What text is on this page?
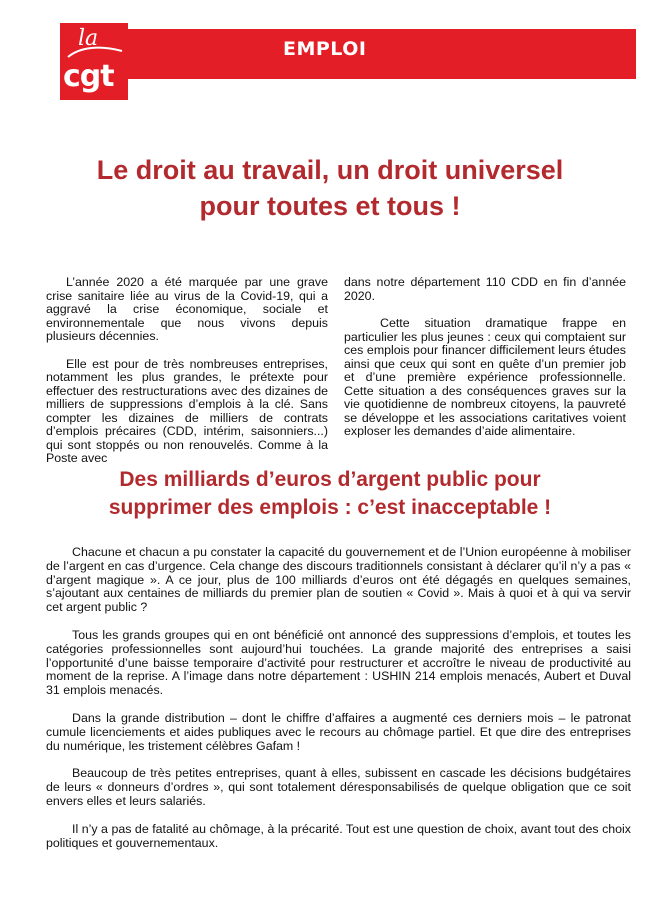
EMPLOI
la
cgt
Le droit au travail, un droit universel
pour toutes et tous !

L’année 2020 a été marquée par une grave crise sanitaire liée au virus de la Covid-19, qui a aggravé la crise économique, sociale et environnementale que nous vivons depuis plusieurs décennies.

Elle est pour de très nombreuses entreprises, notamment les plus grandes, le prétexte pour effectuer des restructurations avec des dizaines de milliers de suppressions d’emplois à la clé. Sans compter les dizaines de milliers de contrats d’emplois précaires (CDD, intérim, saisonniers...) qui sont stoppés ou non renouvelés. Comme à la Poste avec

dans notre département 110 CDD en fin d’année 2020.

Cette situation dramatique frappe en particulier les plus jeunes : ceux qui comptaient sur ces emplois pour financer difficilement leurs études ainsi que ceux qui sont en quête d’un premier job et d’une première expérience professionnelle. Cette situation a des conséquences graves sur la vie quotidienne de nombreux citoyens, la pauvreté se développe et les associations caritatives voient exploser les demandes d’aide alimentaire.

Des milliards d’euros d’argent public pour
supprimer des emplois : c’est inacceptable !

Chacune et chacun a pu constater la capacité du gouvernement et de l’Union européenne à mobiliser de l’argent en cas d’urgence. Cela change des discours traditionnels consistant à déclarer qu’il n’y a pas « d’argent magique ». A ce jour, plus de 100 milliards d’euros ont été dégagés en quelques semaines, s’ajoutant aux centaines de milliards du premier plan de soutien « Covid ». Mais à quoi et à qui va servir cet argent public ?

Tous les grands groupes qui en ont bénéficié ont annoncé des suppressions d’emplois, et toutes les catégories professionnelles sont aujourd’hui touchées. La grande majorité des entreprises a saisi l’opportunité d’une baisse temporaire d’activité pour restructurer et accroître le niveau de productivité au moment de la reprise. A l’image dans notre département : USHIN 214 emplois menacés, Aubert et Duval 31 emplois menacés.

Dans la grande distribution – dont le chiffre d’affaires a augmenté ces derniers mois – le patronat cumule licenciements et aides publiques avec le recours au chômage partiel. Et que dire des entreprises du numérique, les tristement célèbres Gafam !

Beaucoup de très petites entreprises, quant à elles, subissent en cascade les décisions budgétaires de leurs « donneurs d’ordres », qui sont totalement déresponsabilisés de quelque obligation que ce soit envers elles et leurs salariés.

Il n’y a pas de fatalité au chômage, à la précarité. Tout est une question de choix, avant tout des choix politiques et gouvernementaux.
